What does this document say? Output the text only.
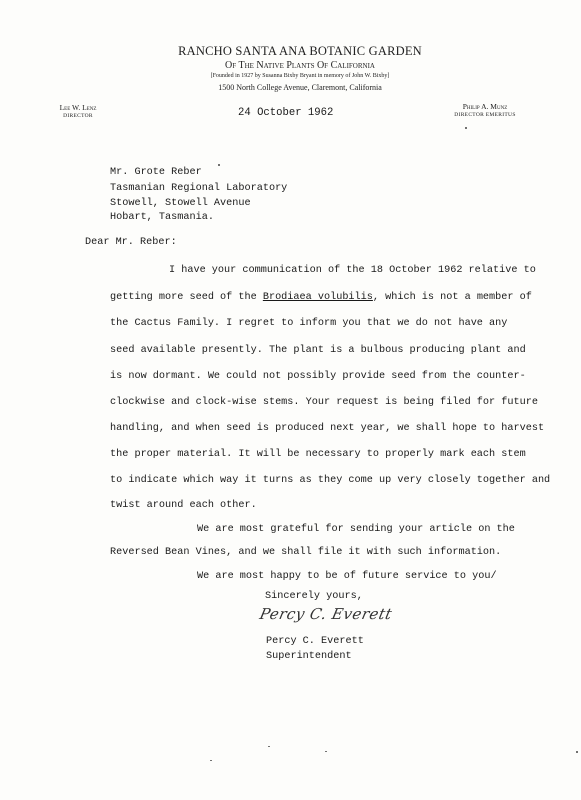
RANCHO SANTA ANA BOTANIC GARDEN
Of The Native Plants Of California
[Founded in 1927 by Susanna Bixby Bryant in memory of John W. Bixby]
1500 North College Avenue, Claremont, California
Lee W. Lenz
DIRECTOR
Philip A. Munz
DIRECTOR EMERITUS
24 October 1962
Mr. Grote Reber
Tasmanian Regional Laboratory
Stowell, Stowell Avenue
Hobart, Tasmania.
Dear Mr. Reber:
I have your communication of the 18 October 1962 relative to
getting more seed of the Brodiaea volubilis, which is not a member of
the Cactus Family. I regret to inform you that we do not have any
seed available presently. The plant is a bulbous producing plant and
is now dormant. We could not possibly provide seed from the counter-
clockwise and clock-wise stems. Your request is being filed for future
handling, and when seed is produced next year, we shall hope to harvest
the proper material. It will be necessary to properly mark each stem
to indicate which way it turns as they come up very closely together and
twist around each other.
We are most grateful for sending your article on the
Reversed Bean Vines, and we shall file it with such information.
We are most happy to be of future service to you/
Sincerely yours,
Percy C. Everett
Percy C. Everett
Superintendent
